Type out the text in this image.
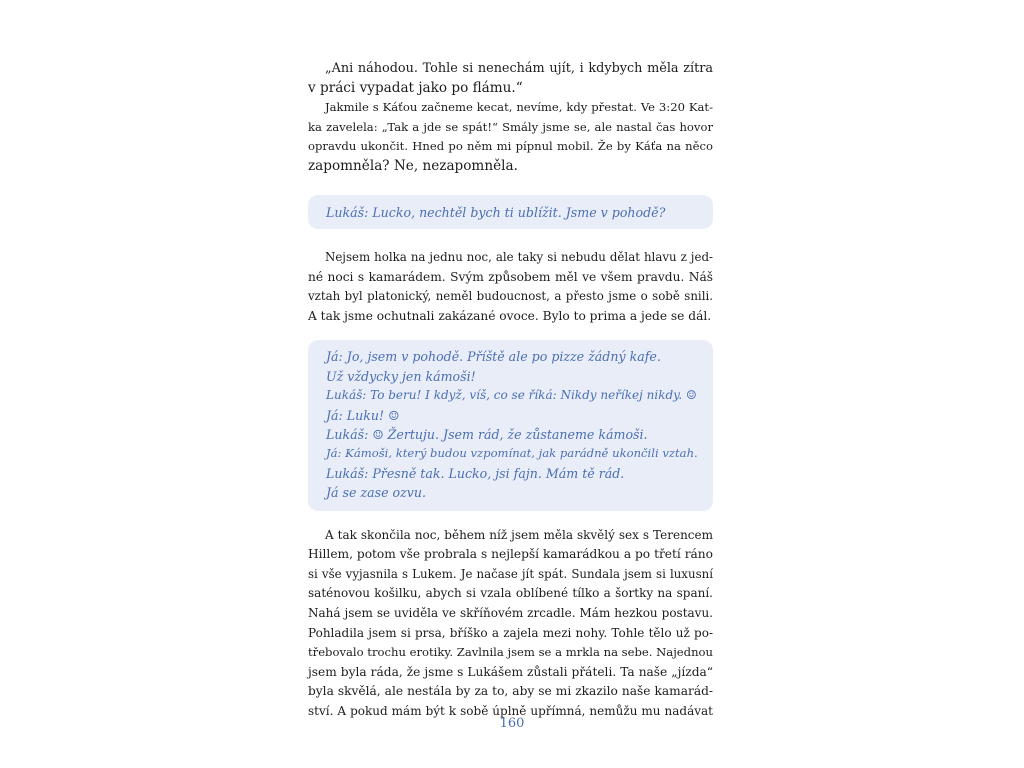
„Ani náhodou. Tohle si nenechám ujít, i kdybych měla zítra
v práci vypadat jako po flámu.“

Jakmile s Káťou začneme kecat, nevíme, kdy přestat. Ve 3:20 Kat-
ka zavelela: „Tak a jde se spát!“ Smály jsme se, ale nastal čas hovor
opravdu ukončit. Hned po něm mi pípnul mobil. Že by Káťa na něco
zapomněla? Ne, nezapomněla.

Lukáš: Lucko, nechtěl bych ti ublížit. Jsme v pohodě?

Nejsem holka na jednu noc, ale taky si nebudu dělat hlavu z jed-
né noci s kamarádem. Svým způsobem měl ve všem pravdu. Náš
vztah byl platonický, neměl budoucnost, a přesto jsme o sobě snili.
A tak jsme ochutnali zakázané ovoce. Bylo to prima a jede se dál.

Já: Jo, jsem v pohodě. Příště ale po pizze žádný kafe.
Už vždycky jen kámoši!
Lukáš: To beru! I když, víš, co se říká: Nikdy neříkej nikdy. ☺
Já: Luku! ☺
Lukáš: ☺ Žertuju. Jsem rád, že zůstaneme kámoši.
Já: Kámoši, který budou vzpomínat, jak parádně ukončili vztah.
Lukáš: Přesně tak. Lucko, jsi fajn. Mám tě rád.
Já se zase ozvu.

A tak skončila noc, během níž jsem měla skvělý sex s Terencem
Hillem, potom vše probrala s nejlepší kamarádkou a po třetí ráno
si vše vyjasnila s Lukem. Je načase jít spát. Sundala jsem si luxusní
saténovou košilku, abych si vzala oblíbené tílko a šortky na spaní.
Nahá jsem se uviděla ve skříňovém zrcadle. Mám hezkou postavu.
Pohladila jsem si prsa, bříško a zajela mezi nohy. Tohle tělo už po-
třebovalo trochu erotiky. Zavlnila jsem se a mrkla na sebe. Najednou
jsem byla ráda, že jsme s Lukášem zůstali přáteli. Ta naše „jízda“
byla skvělá, ale nestála by za to, aby se mi zkazilo naše kamarád-
ství. A pokud mám být k sobě úplně upřímná, nemůžu mu nadávat

160
